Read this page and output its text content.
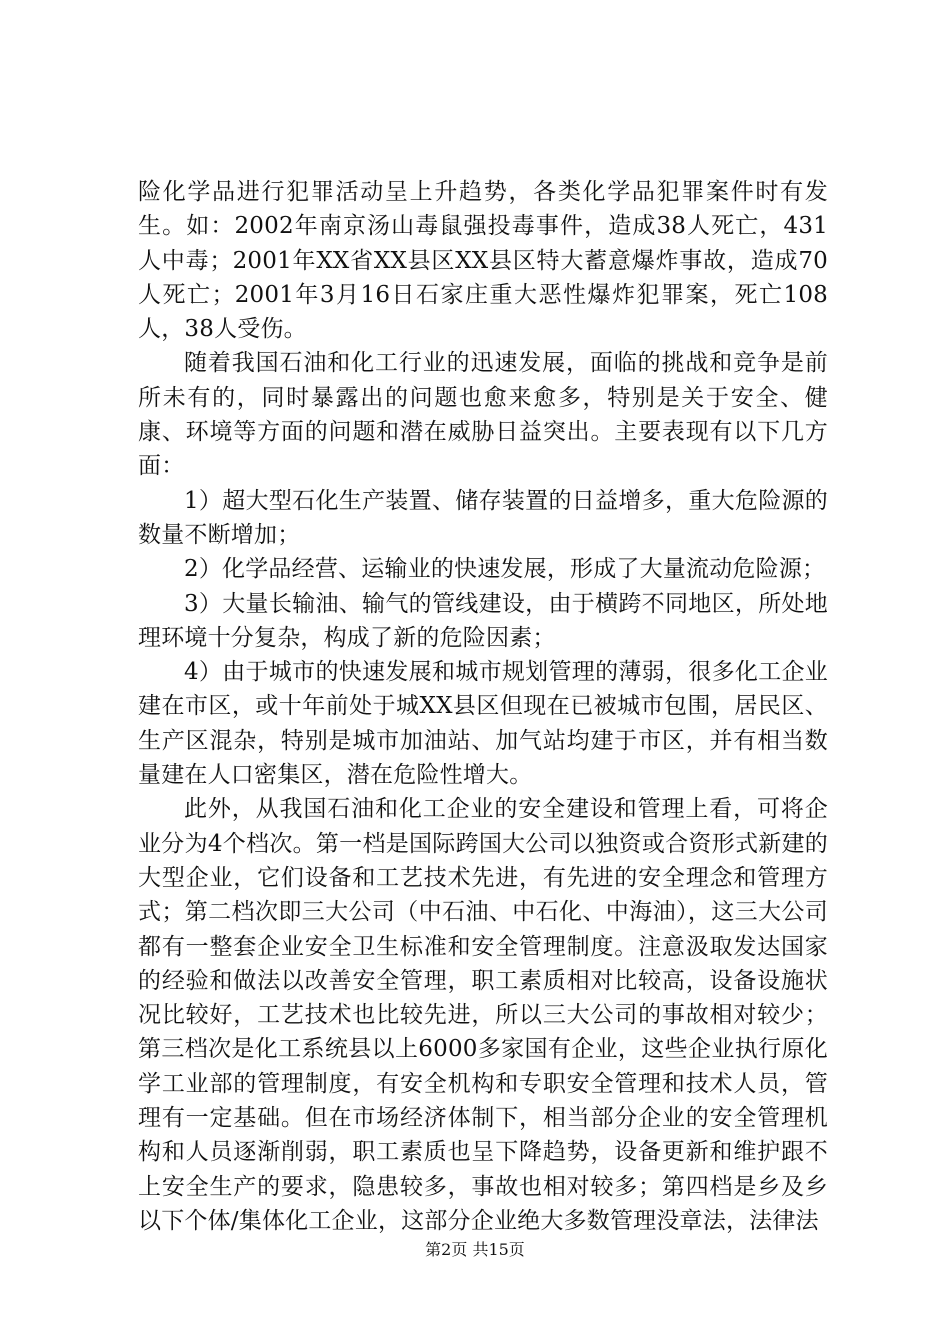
险化学品进行犯罪活动呈上升趋势，各类化学品犯罪案件时有发生。如：2002年南京汤山毒鼠强投毒事件，造成38人死亡，431人中毒；2001年XX省XX县区XX县区特大蓄意爆炸事故，造成70人死亡；2001年3月16日石家庄重大恶性爆炸犯罪案，死亡108人，38人受伤。

随着我国石油和化工行业的迅速发展，面临的挑战和竞争是前所未有的，同时暴露出的问题也愈来愈多，特别是关于安全、健康、环境等方面的问题和潜在威胁日益突出。主要表现有以下几方面：

1）超大型石化生产装置、储存装置的日益增多，重大危险源的数量不断增加；

2）化学品经营、运输业的快速发展，形成了大量流动危险源；

3）大量长输油、输气的管线建设，由于横跨不同地区，所处地理环境十分复杂，构成了新的危险因素；

4）由于城市的快速发展和城市规划管理的薄弱，很多化工企业建在市区，或十年前处于城XX县区但现在已被城市包围，居民区、生产区混杂，特别是城市加油站、加气站均建于市区，并有相当数量建在人口密集区，潜在危险性增大。

此外，从我国石油和化工企业的安全建设和管理上看，可将企业分为4个档次。第一档是国际跨国大公司以独资或合资形式新建的大型企业，它们设备和工艺技术先进，有先进的安全理念和管理方式；第二档次即三大公司（中石油、中石化、中海油），这三大公司都有一整套企业安全卫生标准和安全管理制度。注意汲取发达国家的经验和做法以改善安全管理，职工素质相对比较高，设备设施状况比较好，工艺技术也比较先进，所以三大公司的事故相对较少；第三档次是化工系统县以上6000多家国有企业，这些企业执行原化学工业部的管理制度，有安全机构和专职安全管理和技术人员，管理有一定基础。但在市场经济体制下，相当部分企业的安全管理机构和人员逐渐削弱，职工素质也呈下降趋势，设备更新和维护跟不上安全生产的要求，隐患较多，事故也相对较多；第四档是乡及乡以下个体/集体化工企业，这部分企业绝大多数管理没章法，法律法

第2页 共15页
